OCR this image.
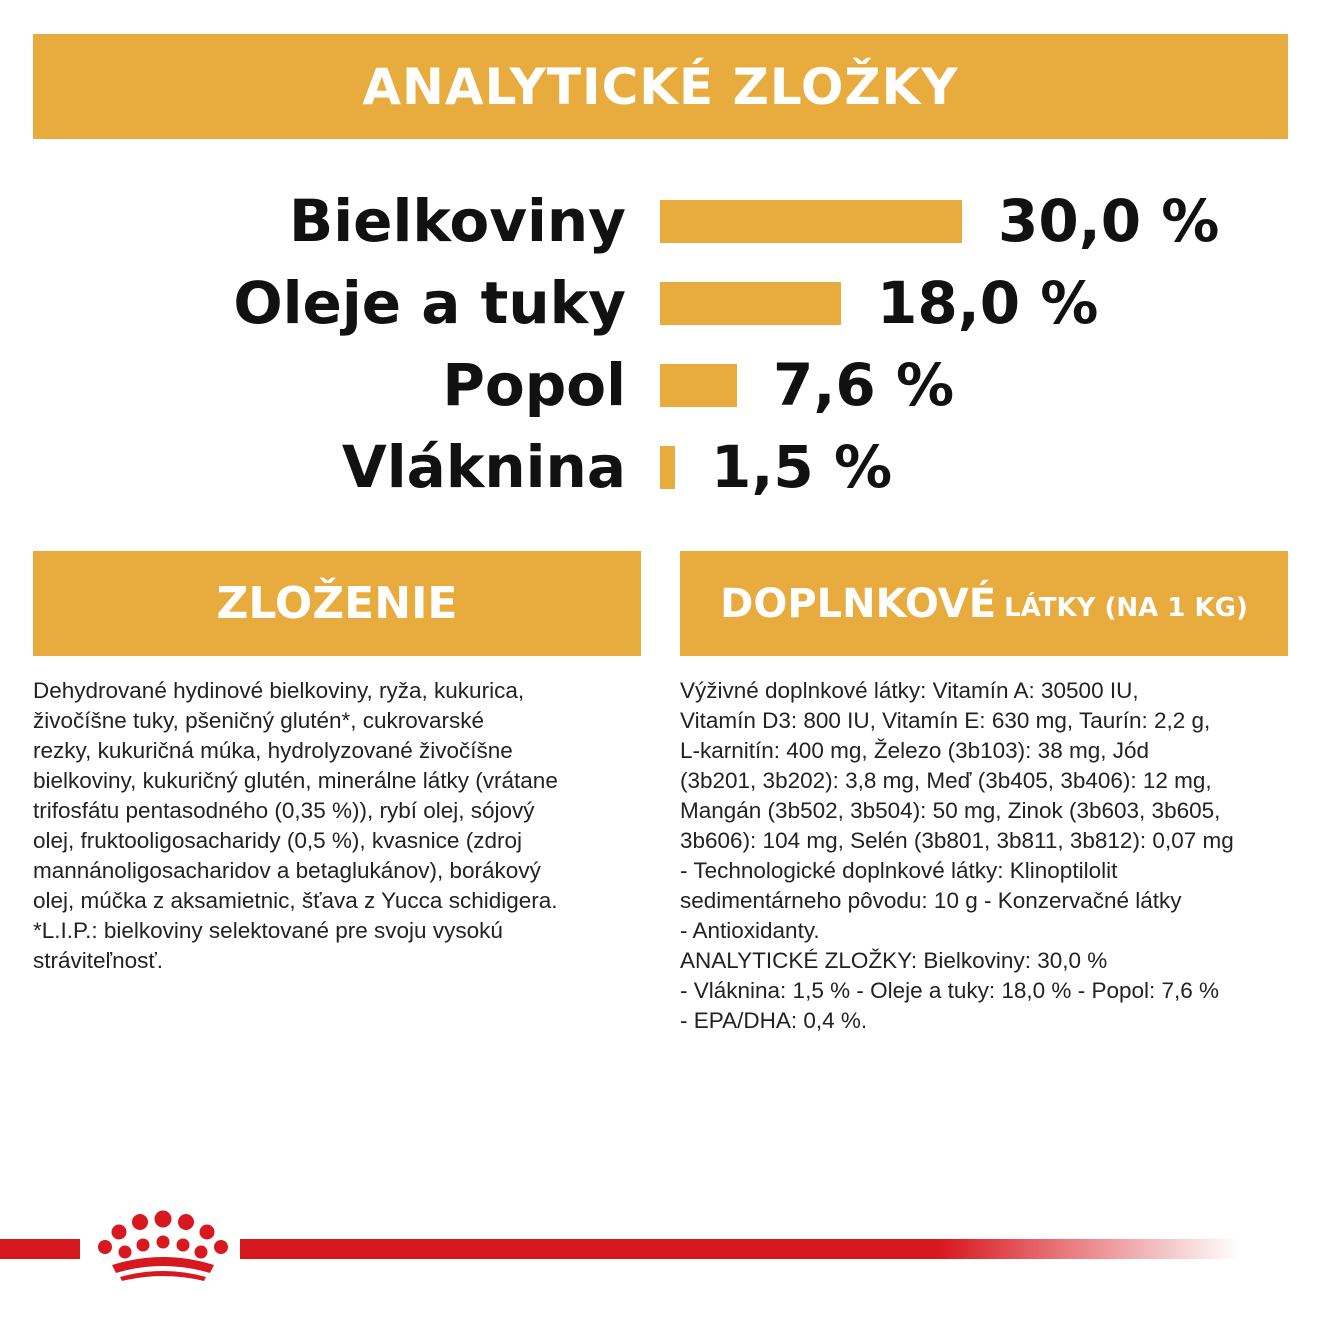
ANALYTICKÉ ZLOŽKY
Bielkoviny	30,0 %
Oleje a tuky	18,0 %
Popol	7,6 %
Vláknina 1,5 %
ZLOŽENIE	DOPLNKOVÉ LÁTKY (NA 1 KG)

Dehydrované hydinové bielkoviny, ryža, kukurica,

živočíšne tuky, pšeničný glutén*, cukrovarské

rezky, kukuričná múka, hydrolyzované živočíšne

bielkoviny, kukuričný glutén, minerálne látky (vrátane

trifosfátu pentasodného (0,35 %)), rybí olej, sójový

olej, fruktooligosacharidy (0,5 %), kvasnice (zdroj

mannánoligosacharidov a betaglukánov), borákový

olej, múčka z aksamietnic, šťava z Yucca schidigera.

*L.I.P.: bielkoviny selektované pre svoju vysokú

stráviteľnosť.

Výživné doplnkové látky: Vitamín A: 30500 IU,

Vitamín D3: 800 IU, Vitamín E: 630 mg, Taurín: 2,2 g,

L-karnitín: 400 mg, Železo (3b103): 38 mg, Jód

(3b201, 3b202): 3,8 mg, Meď (3b405, 3b406): 12 mg,

Mangán (3b502, 3b504): 50 mg, Zinok (3b603, 3b605,

3b606): 104 mg, Selén (3b801, 3b811, 3b812): 0,07 mg

- Technologické doplnkové látky: Klinoptilolit

sedimentárneho pôvodu: 10 g - Konzervačné látky

- Antioxidanty.

ANALYTICKÉ ZLOŽKY: Bielkoviny: 30,0 %

- Vláknina: 1,5 % - Oleje a tuky: 18,0 % - Popol: 7,6 %

- EPA/DHA: 0,4 %.
